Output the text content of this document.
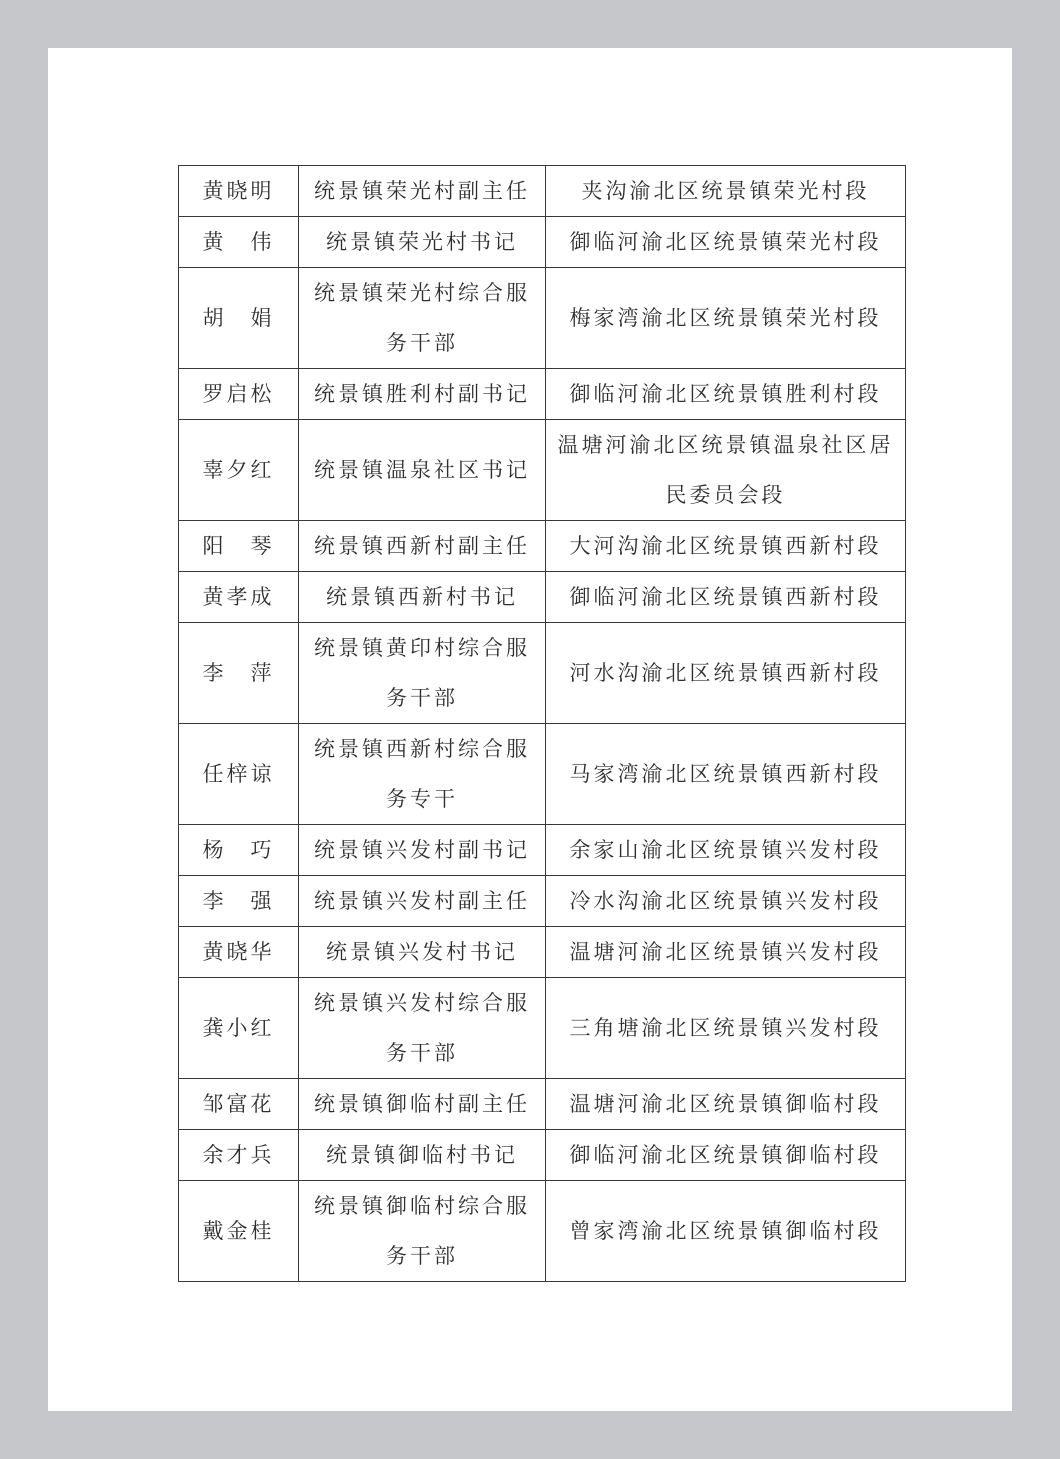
黄晓明	统景镇荣光村副主任	夹沟渝北区统景镇荣光村段
黄　伟	统景镇荣光村书记	御临河渝北区统景镇荣光村段
胡　娟	统景镇荣光村综合服务干部	梅家湾渝北区统景镇荣光村段
罗启松	统景镇胜利村副书记	御临河渝北区统景镇胜利村段
辜夕红	统景镇温泉社区书记	温塘河渝北区统景镇温泉社区居民委员会段
阳　琴	统景镇西新村副主任	大河沟渝北区统景镇西新村段
黄孝成	统景镇西新村书记	御临河渝北区统景镇西新村段
李　萍	统景镇黄印村综合服务干部	河水沟渝北区统景镇西新村段
任梓谅	统景镇西新村综合服务专干	马家湾渝北区统景镇西新村段
杨　巧	统景镇兴发村副书记	余家山渝北区统景镇兴发村段
李　强	统景镇兴发村副主任	冷水沟渝北区统景镇兴发村段
黄晓华	统景镇兴发村书记	温塘河渝北区统景镇兴发村段
龚小红	统景镇兴发村综合服务干部	三角塘渝北区统景镇兴发村段
邹富花	统景镇御临村副主任	温塘河渝北区统景镇御临村段
余才兵	统景镇御临村书记	御临河渝北区统景镇御临村段
戴金桂	统景镇御临村综合服务干部	曾家湾渝北区统景镇御临村段
